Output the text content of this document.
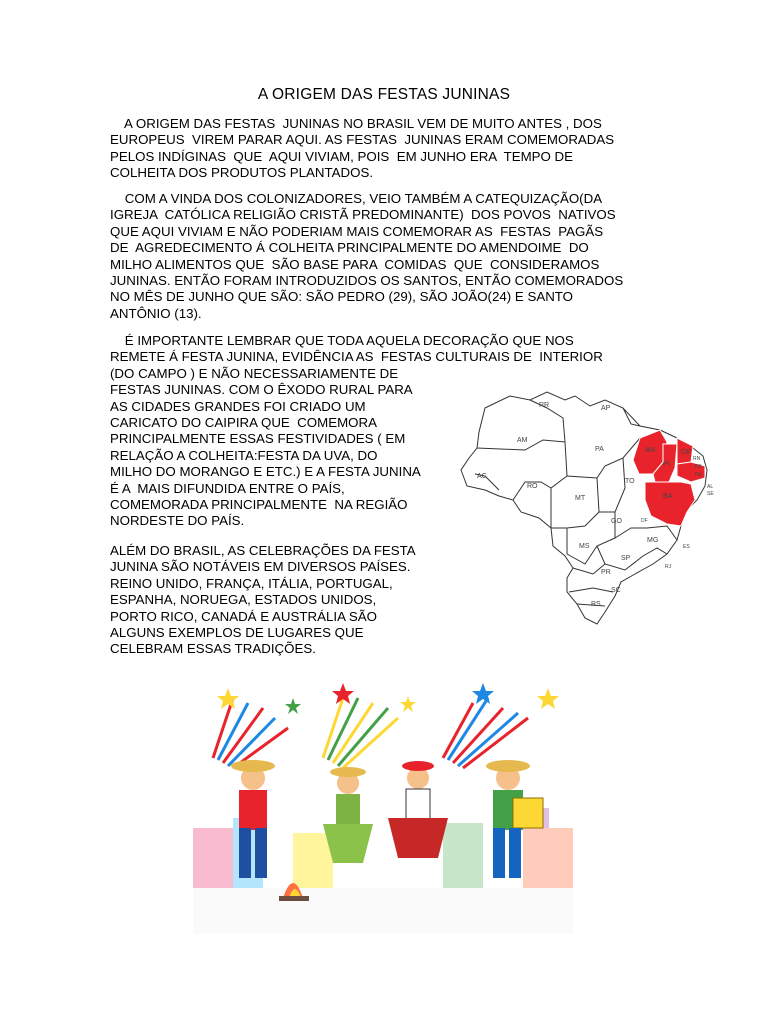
A ORIGEM DAS FESTAS JUNINAS
A ORIGEM DAS FESTAS  JUNINAS NO BRASIL VEM DE MUITO ANTES , DOS
EUROPEUS  VIREM PARAR AQUI. AS FESTAS  JUNINAS ERAM COMEMORADAS
PELOS INDÍGINAS  QUE  AQUI VIVIAM, POIS  EM JUNHO ERA  TEMPO DE
COLHEITA DOS PRODUTOS PLANTADOS.
COM A VINDA DOS COLONIZADORES, VEIO TAMBÉM A CATEQUIZAÇÃO(DA
IGREJA  CATÓLICA RELIGIÃO CRISTÃ PREDOMINANTE)  DOS POVOS  NATIVOS
QUE AQUI VIVIAM E NÃO PODERIAM MAIS COMEMORAR AS  FESTAS  PAGÃS
DE  AGREDECIMENTO Á COLHEITA PRINCIPALMENTE DO AMENDOIME  DO
MILHO ALIMENTOS QUE  SÃO BASE PARA  COMIDAS  QUE  CONSIDERAMOS
JUNINAS. ENTÃO FORAM INTRODUZIDOS OS SANTOS, ENTÃO COMEMORADOS
NO MÊS DE JUNHO QUE SÃO: SÃO PEDRO (29), SÃO JOÃO(24) E SANTO
ANTÔNIO (13).
É IMPORTANTE LEMBRAR QUE TODA AQUELA DECORAÇÃO QUE NOS
REMETE Á FESTA JUNINA, EVIDÊNCIA AS  FESTAS CULTURAIS DE  INTERIOR
(DO CAMPO ) E NÃO NECESSARIAMENTE DE
FESTAS JUNINAS. COM O ÊXODO RURAL PARA
AS CIDADES GRANDES FOI CRIADO UM
CARICATO DO CAIPIRA QUE  COMEMORA
PRINCIPALMENTE ESSAS FESTIVIDADES ( EM
RELAÇÃO A COLHEITA:FESTA DA UVA, DO
MILHO DO MORANGO E ETC.) E A FESTA JUNINA
É A  MAIS DIFUNDIDA ENTRE O PAÍS,
COMEMORADA PRINCIPALMENTE  NA REGIÃO
NORDESTE DO PAÍS.
ALÉM DO BRASIL, AS CELEBRAÇÕES DA FESTA
JUNINA SÃO NOTÁVEIS EM DIVERSOS PAÍSES.
REINO UNIDO, FRANÇA, ITÁLIA, PORTUGAL,
ESPANHA, NORUEGA, ESTADOS UNIDOS,
PORTO RICO, CANADÁ E AUSTRÁLIA SÃO
ALGUNS EXEMPLOS DE LUGARES QUE
CELEBRAM ESSAS TRADIÇÕES.
RR	AP
AM
PA
AC
RO
MT
TO
MA
PI
CE
RN
PB
PE
AL
SE
BA
GO	DF
MG
ES
MS
SP
RJ
PR
SC
RS
